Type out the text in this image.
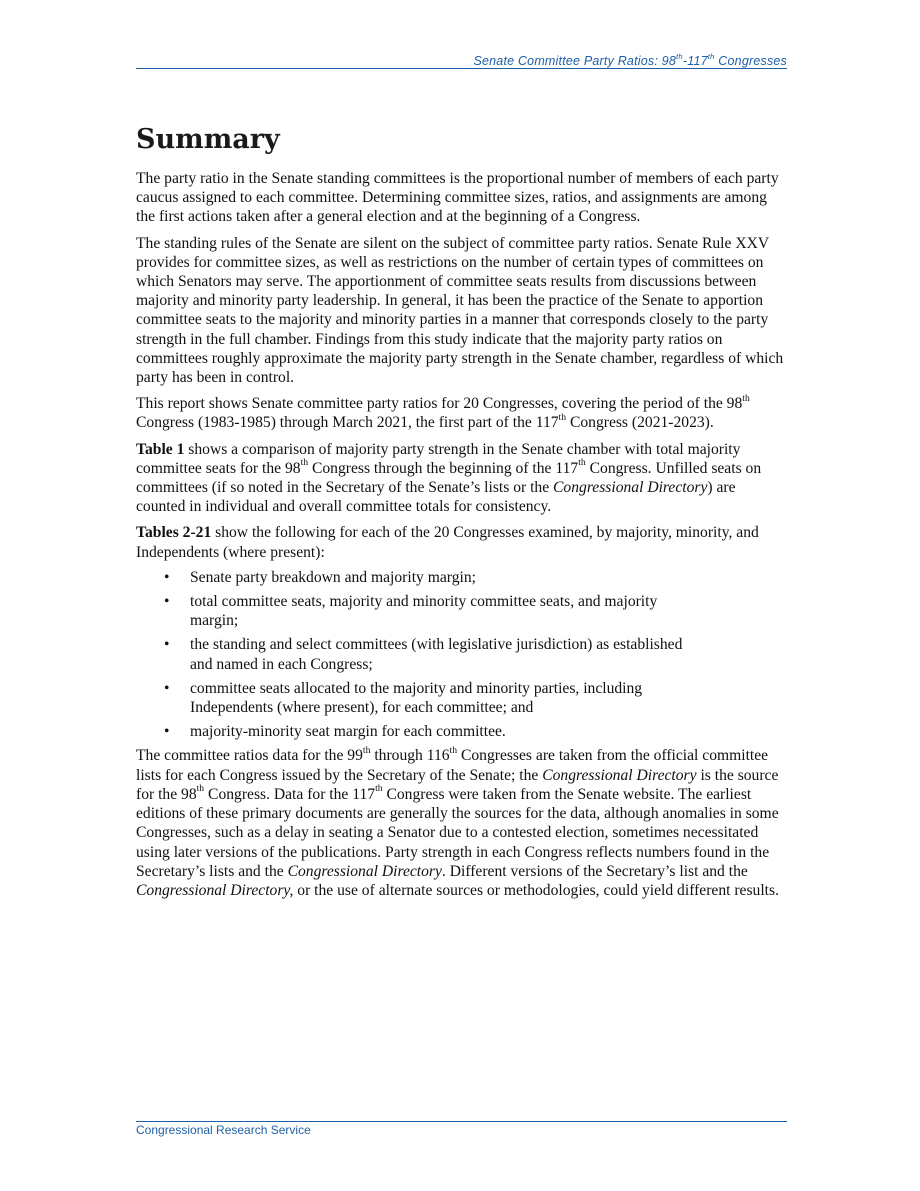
Senate Committee Party Ratios: 98th-117th Congresses
Summary

The party ratio in the Senate standing committees is the proportional number of members of each party caucus assigned to each committee. Determining committee sizes, ratios, and assignments are among the first actions taken after a general election and at the beginning of a Congress.

The standing rules of the Senate are silent on the subject of committee party ratios. Senate Rule XXV provides for committee sizes, as well as restrictions on the number of certain types of committees on which Senators may serve. The apportionment of committee seats results from discussions between majority and minority party leadership. In general, it has been the practice of the Senate to apportion committee seats to the majority and minority parties in a manner that corresponds closely to the party strength in the full chamber. Findings from this study indicate that the majority party ratios on committees roughly approximate the majority party strength in the Senate chamber, regardless of which party has been in control.

This report shows Senate committee party ratios for 20 Congresses, covering the period of the 98th Congress (1983-1985) through March 2021, the first part of the 117th Congress (2021-2023).

Table 1 shows a comparison of majority party strength in the Senate chamber with total majority committee seats for the 98th Congress through the beginning of the 117th Congress. Unfilled seats on committees (if so noted in the Secretary of the Senate’s lists or the Congressional Directory) are counted in individual and overall committee totals for consistency.

Tables 2-21 show the following for each of the 20 Congresses examined, by majority, minority, and Independents (where present):

• Senate party breakdown and majority margin;
• total committee seats, majority and minority committee seats, and majority margin;
• the standing and select committees (with legislative jurisdiction) as established and named in each Congress;
• committee seats allocated to the majority and minority parties, including Independents (where present), for each committee; and
• majority-minority seat margin for each committee.

The committee ratios data for the 99th through 116th Congresses are taken from the official committee lists for each Congress issued by the Secretary of the Senate; the Congressional Directory is the source for the 98th Congress. Data for the 117th Congress were taken from the Senate website. The earliest editions of these primary documents are generally the sources for the data, although anomalies in some Congresses, such as a delay in seating a Senator due to a contested election, sometimes necessitated using later versions of the publications. Party strength in each Congress reflects numbers found in the Secretary’s lists and the Congressional Directory. Different versions of the Secretary’s list and the Congressional Directory, or the use of alternate sources or methodologies, could yield different results.

Congressional Research Service
